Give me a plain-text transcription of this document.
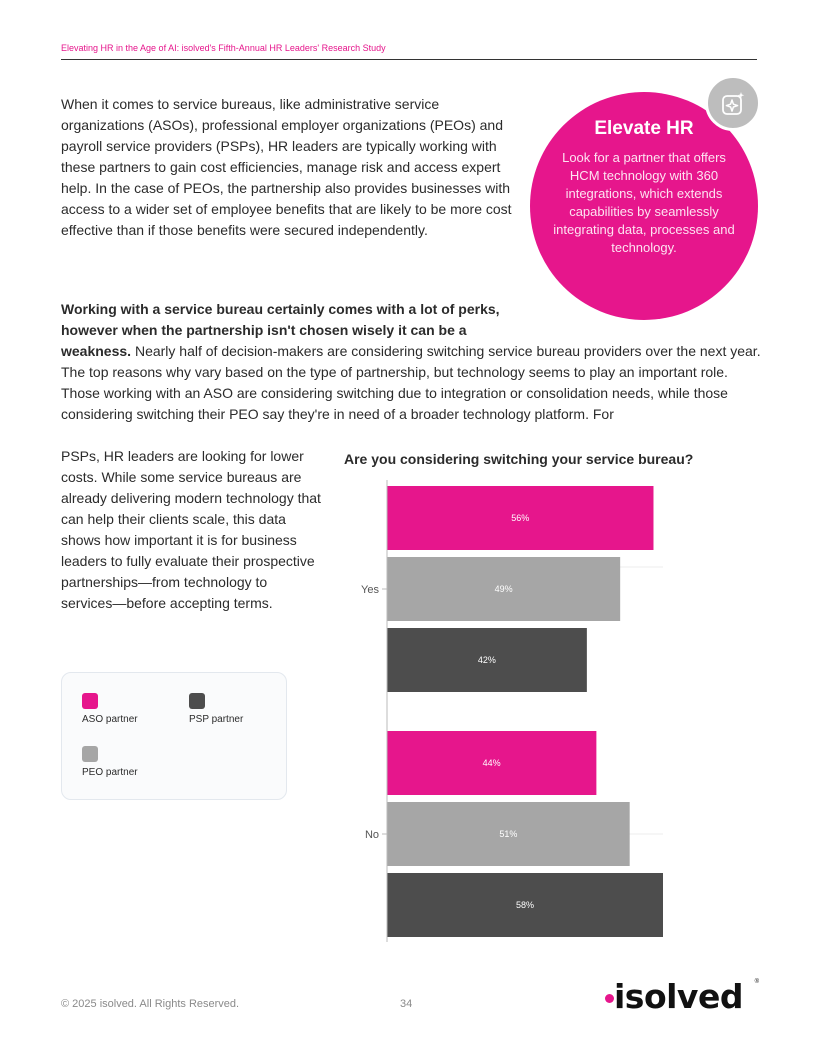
Elevating HR in the Age of AI: isolved's Fifth-Annual HR Leaders' Research Study

When it comes to service bureaus, like administrative service organizations (ASOs), professional employer organizations (PEOs) and payroll service providers (PSPs), HR leaders are typically working with these partners to gain cost efficiencies, manage risk and access expert help. In the case of PEOs, the partnership also provides businesses with access to a wider set of employee benefits that are likely to be more cost effective than if those benefits were secured independently.

Elevate HR
Look for a partner that offers HCM technology with 360 integrations, which extends capabilities by seamlessly integrating data, processes and technology.

Working with a service bureau certainly comes with a lot of perks, however when the partnership isn't chosen wisely it can be a

weakness. Nearly half of decision-makers are considering switching service bureau providers over the next year. The top reasons why vary based on the type of partnership, but technology seems to play an important role. Those working with an ASO are considering switching due to integration or consolidation needs, while those considering switching their PEO say they're in need of a broader technology platform. For

PSPs, HR leaders are looking for lower costs. While some service bureaus are already delivering modern technology that can help their clients scale, this data shows how important it is for business leaders to fully evaluate their prospective partnerships—from technology to services—before accepting terms.

Are you considering switching your service bureau?
56%
49%
42%
Yes
44%
51%
58%
No
ASO partner	PSP partner
PEO partner
© 2025 isolved. All Rights Reserved.	34	isolved ®
